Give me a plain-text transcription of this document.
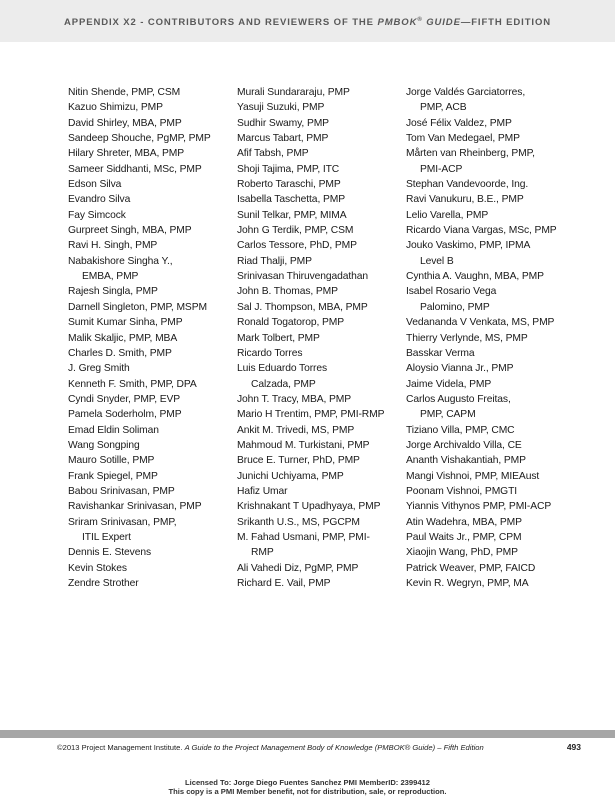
APPENDIX X2 - CONTRIBUTORS AND REVIEWERS OF THE PMBOK® GUIDE—FIFTH EDITION
Nitin Shende, PMP, CSM
Kazuo Shimizu, PMP
David Shirley, MBA, PMP
Sandeep Shouche, PgMP, PMP
Hilary Shreter, MBA, PMP
Sameer Siddhanti, MSc, PMP
Edson Silva
Evandro Silva
Fay Simcock
Gurpreet Singh, MBA, PMP
Ravi H. Singh, PMP
Nabakishore Singha Y.,
EMBA, PMP
Rajesh Singla, PMP
Darnell Singleton, PMP, MSPM
Sumit Kumar Sinha, PMP
Malik Skaljic, PMP, MBA
Charles D. Smith, PMP
J. Greg Smith
Kenneth F. Smith, PMP, DPA
Cyndi Snyder, PMP, EVP
Pamela Soderholm, PMP
Emad Eldin Soliman
Wang Songping
Mauro Sotille, PMP
Frank Spiegel, PMP
Babou Srinivasan, PMP
Ravishankar Srinivasan, PMP
Sriram Srinivasan, PMP,
ITIL Expert
Dennis E. Stevens
Kevin Stokes
Zendre Strother
Murali Sundararaju, PMP
Yasuji Suzuki, PMP
Sudhir Swamy, PMP
Marcus Tabart, PMP
Afif Tabsh, PMP
Shoji Tajima, PMP, ITC
Roberto Taraschi, PMP
Isabella Taschetta, PMP
Sunil Telkar, PMP, MIMA
John G Terdik, PMP, CSM
Carlos Tessore, PhD, PMP
Riad Thalji, PMP
Srinivasan Thiruvengadathan
John B. Thomas, PMP
Sal J. Thompson, MBA, PMP
Ronald Togatorop, PMP
Mark Tolbert, PMP
Ricardo Torres
Luis Eduardo Torres
Calzada, PMP
John T. Tracy, MBA, PMP
Mario H Trentim, PMP, PMI-RMP
Ankit M. Trivedi, MS, PMP
Mahmoud M. Turkistani, PMP
Bruce E. Turner, PhD, PMP
Junichi Uchiyama, PMP
Hafiz Umar
Krishnakant T Upadhyaya, PMP
Srikanth U.S., MS, PGCPM
M. Fahad Usmani, PMP, PMI-
RMP
Ali Vahedi Diz, PgMP, PMP
Richard E. Vail, PMP
Jorge Valdés Garciatorres,
PMP, ACB
José Félix Valdez, PMP
Tom Van Medegael, PMP
Mårten van Rheinberg, PMP,
PMI-ACP
Stephan Vandevoorde, Ing.
Ravi Vanukuru, B.E., PMP
Lelio Varella, PMP
Ricardo Viana Vargas, MSc, PMP
Jouko Vaskimo, PMP, IPMA
Level B
Cynthia A. Vaughn, MBA, PMP
Isabel Rosario Vega
Palomino, PMP
Vedananda V Venkata, MS, PMP
Thierry Verlynde, MS, PMP
Basskar Verma
Aloysio Vianna Jr., PMP
Jaime Videla, PMP
Carlos Augusto Freitas,
PMP, CAPM
Tiziano Villa, PMP, CMC
Jorge Archivaldo Villa, CE
Ananth Vishakantiah, PMP
Mangi Vishnoi, PMP, MIEAust
Poonam Vishnoi, PMGTI
Yiannis Vithynos PMP, PMI-ACP
Atin Wadehra, MBA, PMP
Paul Waits Jr., PMP, CPM
Xiaojin Wang, PhD, PMP
Patrick Weaver, PMP, FAICD
Kevin R. Wegryn, PMP, MA
©2013 Project Management Institute. A Guide to the Project Management Body of Knowledge (PMBOK® Guide) – Fifth Edition	493
Licensed To: Jorge Diego Fuentes Sanchez PMI MemberID: 2399412
This copy is a PMI Member benefit, not for distribution, sale, or reproduction.
